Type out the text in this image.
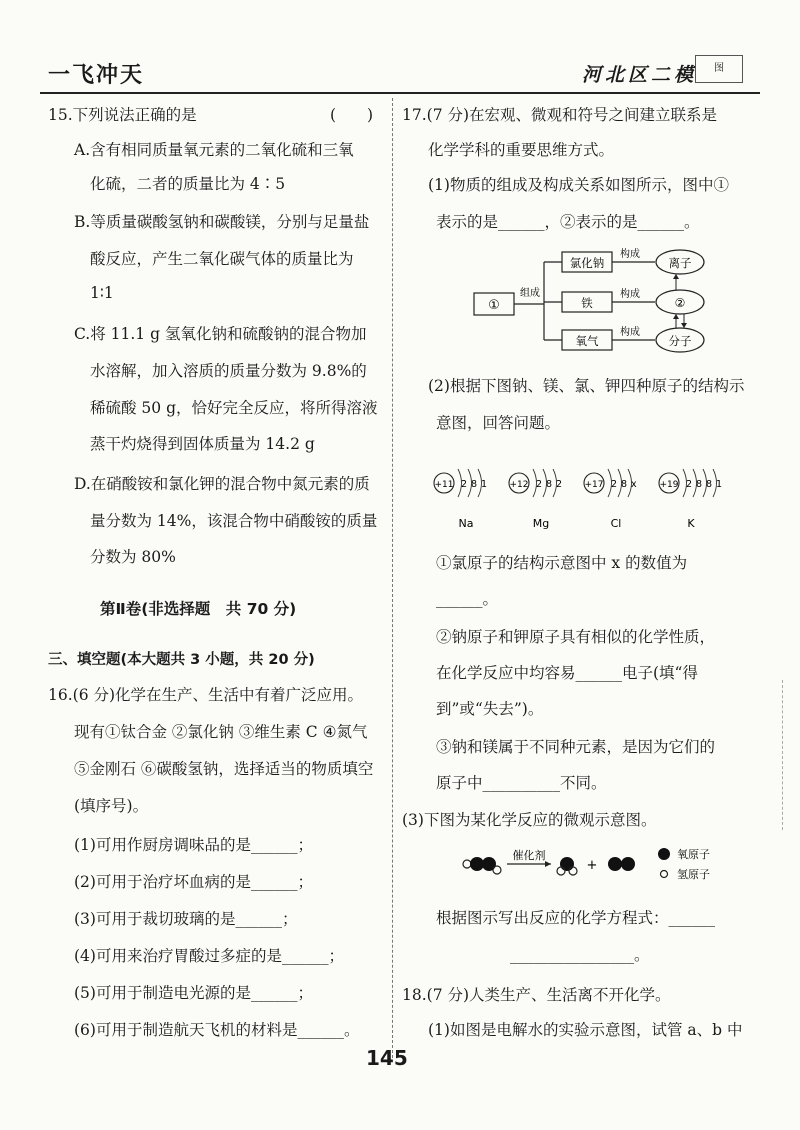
一飞冲天	河北区二模	图
15.下列说法正确的是	(　　)
A.含有相同质量氧元素的二氧化硫和三氧
化硫，二者的质量比为 4∶5
B.等质量碳酸氢钠和碳酸镁，分别与足量盐
酸反应，产生二氧化碳气体的质量比为
1∶1
C.将 11.1 g 氢氧化钠和硫酸钠的混合物加
水溶解，加入溶质的质量分数为 9.8%的
稀硫酸 50 g，恰好完全反应，将所得溶液
蒸干灼烧得到固体质量为 14.2 g
D.在硝酸铵和氯化钾的混合物中氮元素的质
量分数为 14%，该混合物中硝酸铵的质量
分数为 80%
第Ⅱ卷(非选择题　共 70 分)
三、填空题(本大题共 3 小题，共 20 分)
16.(6 分)化学在生产、生活中有着广泛应用。
现有①钛合金 ②氯化钠 ③维生素 C ④氮气
⑤金刚石 ⑥碳酸氢钠，选择适当的物质填空
(填序号)。
(1)可用作厨房调味品的是______；
(2)可用于治疗坏血病的是______；
(3)可用于裁切玻璃的是______；
(4)可用来治疗胃酸过多症的是______；
(5)可用于制造电光源的是______；
(6)可用于制造航天飞机的材料是______。
17.(7 分)在宏观、微观和符号之间建立联系是
化学学科的重要思维方式。
(1)物质的组成及构成关系如图所示，图中①
表示的是______，②表示的是______。
①
组成
氯化钠
铁
氧气
构成
构成
构成
离子
②
分子
(2)根据下图钠、镁、氯、钾四种原子的结构示
意图，回答问题。
+11 2 8 1
Na
+12 2 8 2
Mg
+17 2 8 x
Cl
+19 2 8 8 1
K
①氯原子的结构示意图中 x 的数值为
______。
②钠原子和钾原子具有相似的化学性质，
在化学反应中均容易______电子(填“得
到”或“失去”)。
③钠和镁属于不同种元素，是因为它们的
原子中__________不同。
(3)下图为某化学反应的微观示意图。
催化剂
+
氧原子
氢原子
根据图示写出反应的化学方程式：______
________________。
18.(7 分)人类生产、生活离不开化学。
(1)如图是电解水的实验示意图，试管 a、b 中
145
